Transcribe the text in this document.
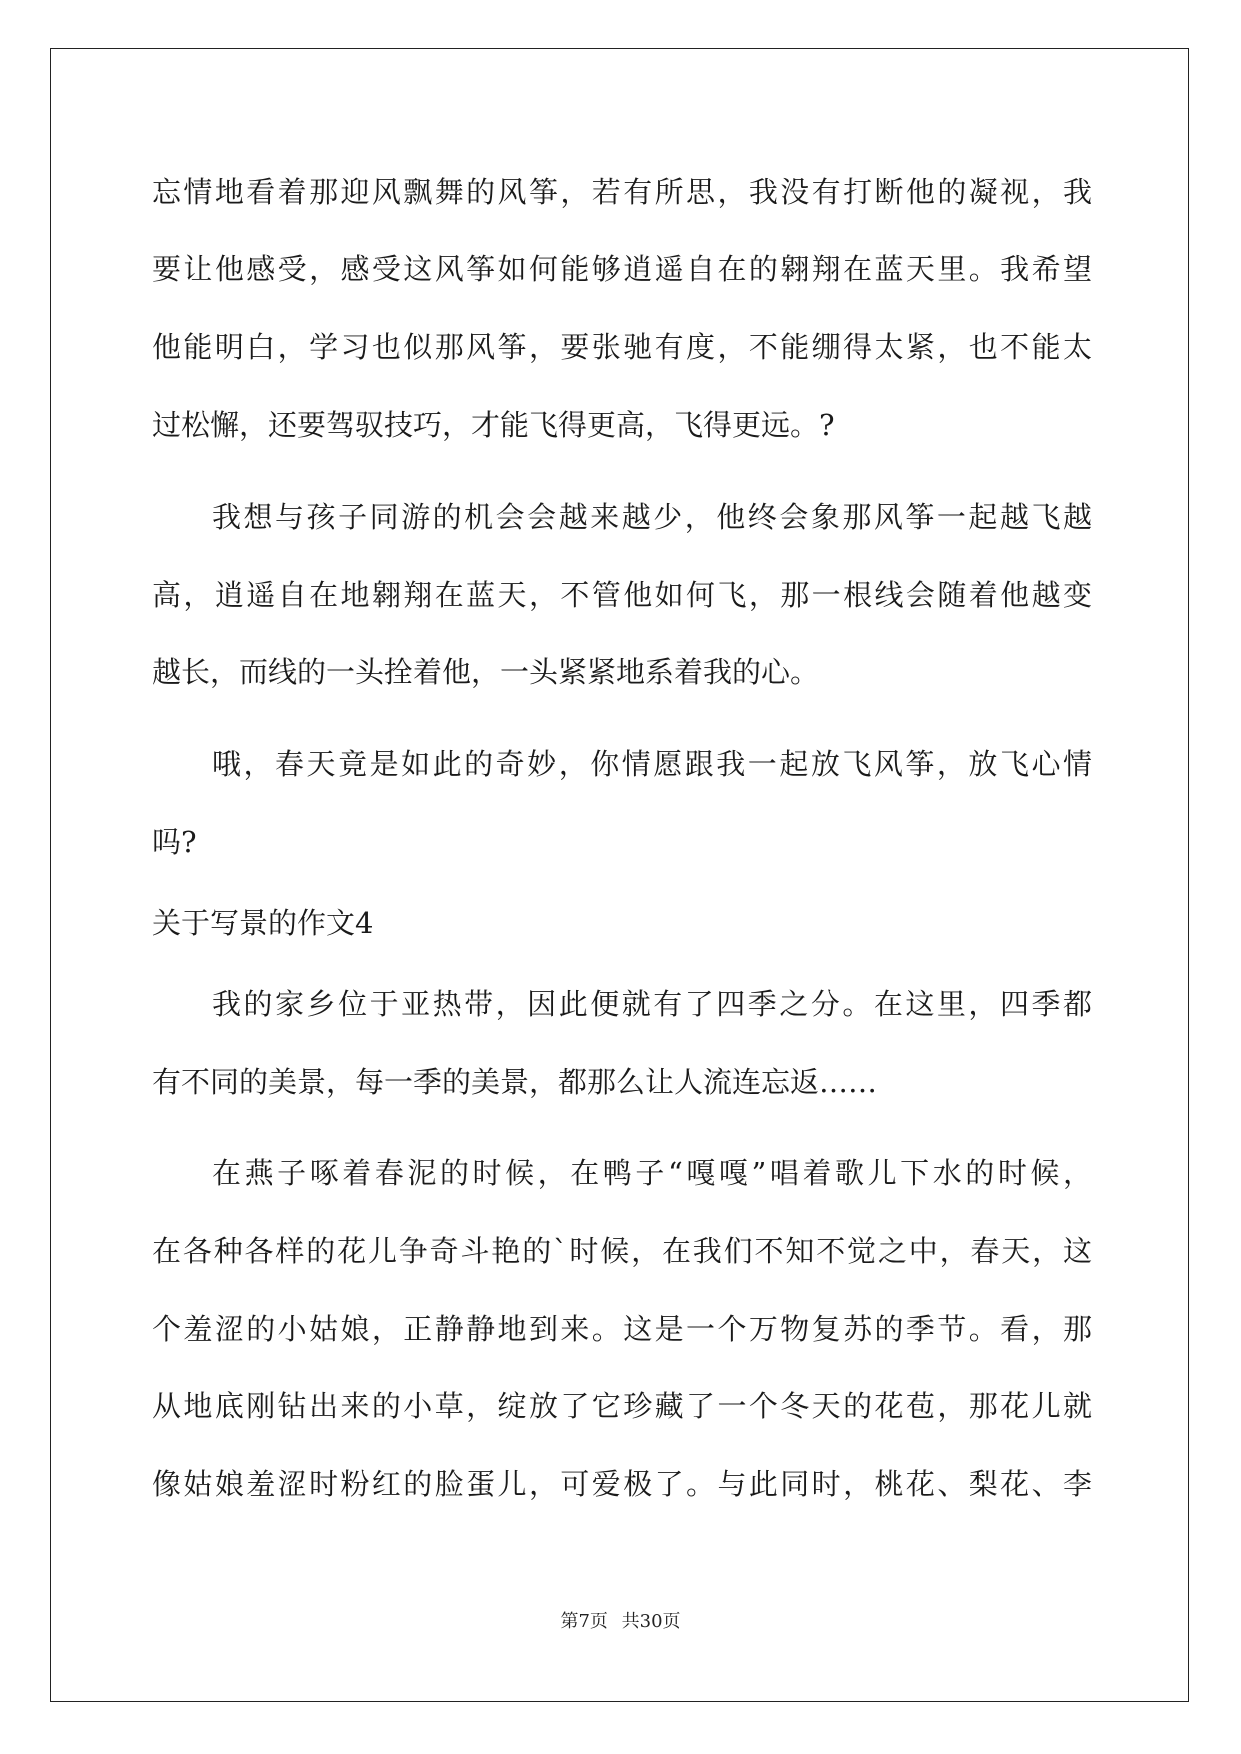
忘情地看着那迎风飘舞的风筝，若有所思，我没有打断他的凝视，我
要让他感受，感受这风筝如何能够逍遥自在的翱翔在蓝天里。我希望
他能明白，学习也似那风筝，要张驰有度，不能绷得太紧，也不能太
过松懈，还要驾驭技巧，才能飞得更高，飞得更远。?
我想与孩子同游的机会会越来越少，他终会象那风筝一起越飞越
高，逍遥自在地翱翔在蓝天，不管他如何飞，那一根线会随着他越变
越长，而线的一头拴着他，一头紧紧地系着我的心。
哦，春天竟是如此的奇妙，你情愿跟我一起放飞风筝，放飞心情
吗?
关于写景的作文4
我的家乡位于亚热带，因此便就有了四季之分。在这里，四季都
有不同的美景，每一季的美景，都那么让人流连忘返……
在燕子啄着春泥的时候，在鸭子“嘎嘎”唱着歌儿下水的时候，
在各种各样的花儿争奇斗艳的`时候，在我们不知不觉之中，春天，这
个羞涩的小姑娘，正静静地到来。这是一个万物复苏的季节。看，那
从地底刚钻出来的小草，绽放了它珍藏了一个冬天的花苞，那花儿就
像姑娘羞涩时粉红的脸蛋儿，可爱极了。与此同时，桃花、梨花、李
第7页 共30页
